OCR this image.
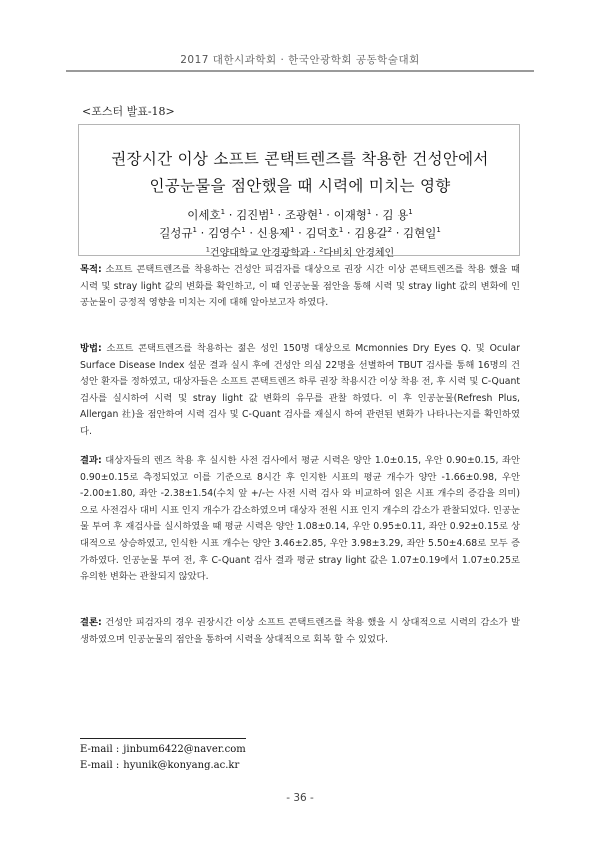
2017 대한시과학회 · 한국안광학회 공동학술대회
<포스터 발표-18>
권장시간 이상 소프트 콘택트렌즈를 착용한 건성안에서
인공눈물을 점안했을 때 시력에 미치는 영향
이세호$^1$ · 김진범$^1$ · 조광현$^1$ · 이재형$^1$ · 김 용$^1$
길성규$^1$ · 김영수$^1$ · 신용제$^1$ · 김덕호$^1$ · 김용갈$^2$ · 김현일$^1$
$^1$건양대학교 안경광학과 · $^2$다비치 안경체인
목적: 소프트 콘택트렌즈를 착용하는 건성안 피검자를 대상으로 권장 시간 이상 콘택트렌즈를 착용 했을 때 시력 및 stray light 값의 변화를 확인하고, 이 때 인공눈물 점안을 통해 시력 및 stray light 값의 변화에 인공눈물이 긍정적 영향을 미치는 지에 대해 알아보고자 하였다.
방법: 소프트 콘택트렌즈를 착용하는 젊은 성인 150명 대상으로 Mcmonnies Dry Eyes Q. 및 Ocular Surface Disease Index 설문 결과 실시 후에 건성안 의심 22명을 선별하여 TBUT 검사를 통해 16명의 건성안 환자를 정하였고, 대상자들은 소프트 콘택트렌즈 하루 권장 착용시간 이상 착용 전, 후 시력 및 C-Quant 검사를 실시하여 시력 및 stray light 값 변화의 유무를 관찰 하였다. 이 후 인공눈물(Refresh Plus, Allergan 社)을 점안하여 시력 검사 및 C-Quant 검사를 재실시 하여 관련된 변화가 나타나는지를 확인하였다.
결과: 대상자들의 렌즈 착용 후 실시한 사전 검사에서 평균 시력은 양안 1.0±0.15, 우안 0.90±0.15, 좌안 0.90±0.15로 측정되었고 이를 기준으로 8시간 후 인지한 시표의 평균 개수가 양안 -1.66±0.98, 우안 -2.00±1.80, 좌안 -2.38±1.54(수치 앞 +/-는 사전 시력 검사 와 비교하여 읽은 시표 개수의 증감을 의미)으로 사전검사 대비 시표 인지 개수가 감소하였으며 대상자 전원 시표 인지 개수의 감소가 관찰되었다. 인공눈물 투여 후 재검사를 실시하였을 때 평균 시력은 양안 1.08±0.14, 우안 0.95±0.11, 좌안 0.92±0.15로 상대적으로 상승하였고, 인식한 시표 개수는 양안 3.46±2.85, 우안 3.98±3.29, 좌안 5.50±4.68로 모두 증가하였다. 인공눈물 투여 전, 후 C-Quant 검사 결과 평균 stray light 값은 1.07±0.19에서 1.07±0.25로 유의한 변화는 관찰되지 않았다.
결론: 건성안 피검자의 경우 권장시간 이상 소프트 콘택트렌즈를 착용 했을 시 상대적으로 시력의 감소가 발생하였으며 인공눈물의 점안을 통하여 시력을 상대적으로 회복 할 수 있었다.
E-mail : jinbum6422@naver.com
E-mail : hyunik@konyang.ac.kr
- 36 -
